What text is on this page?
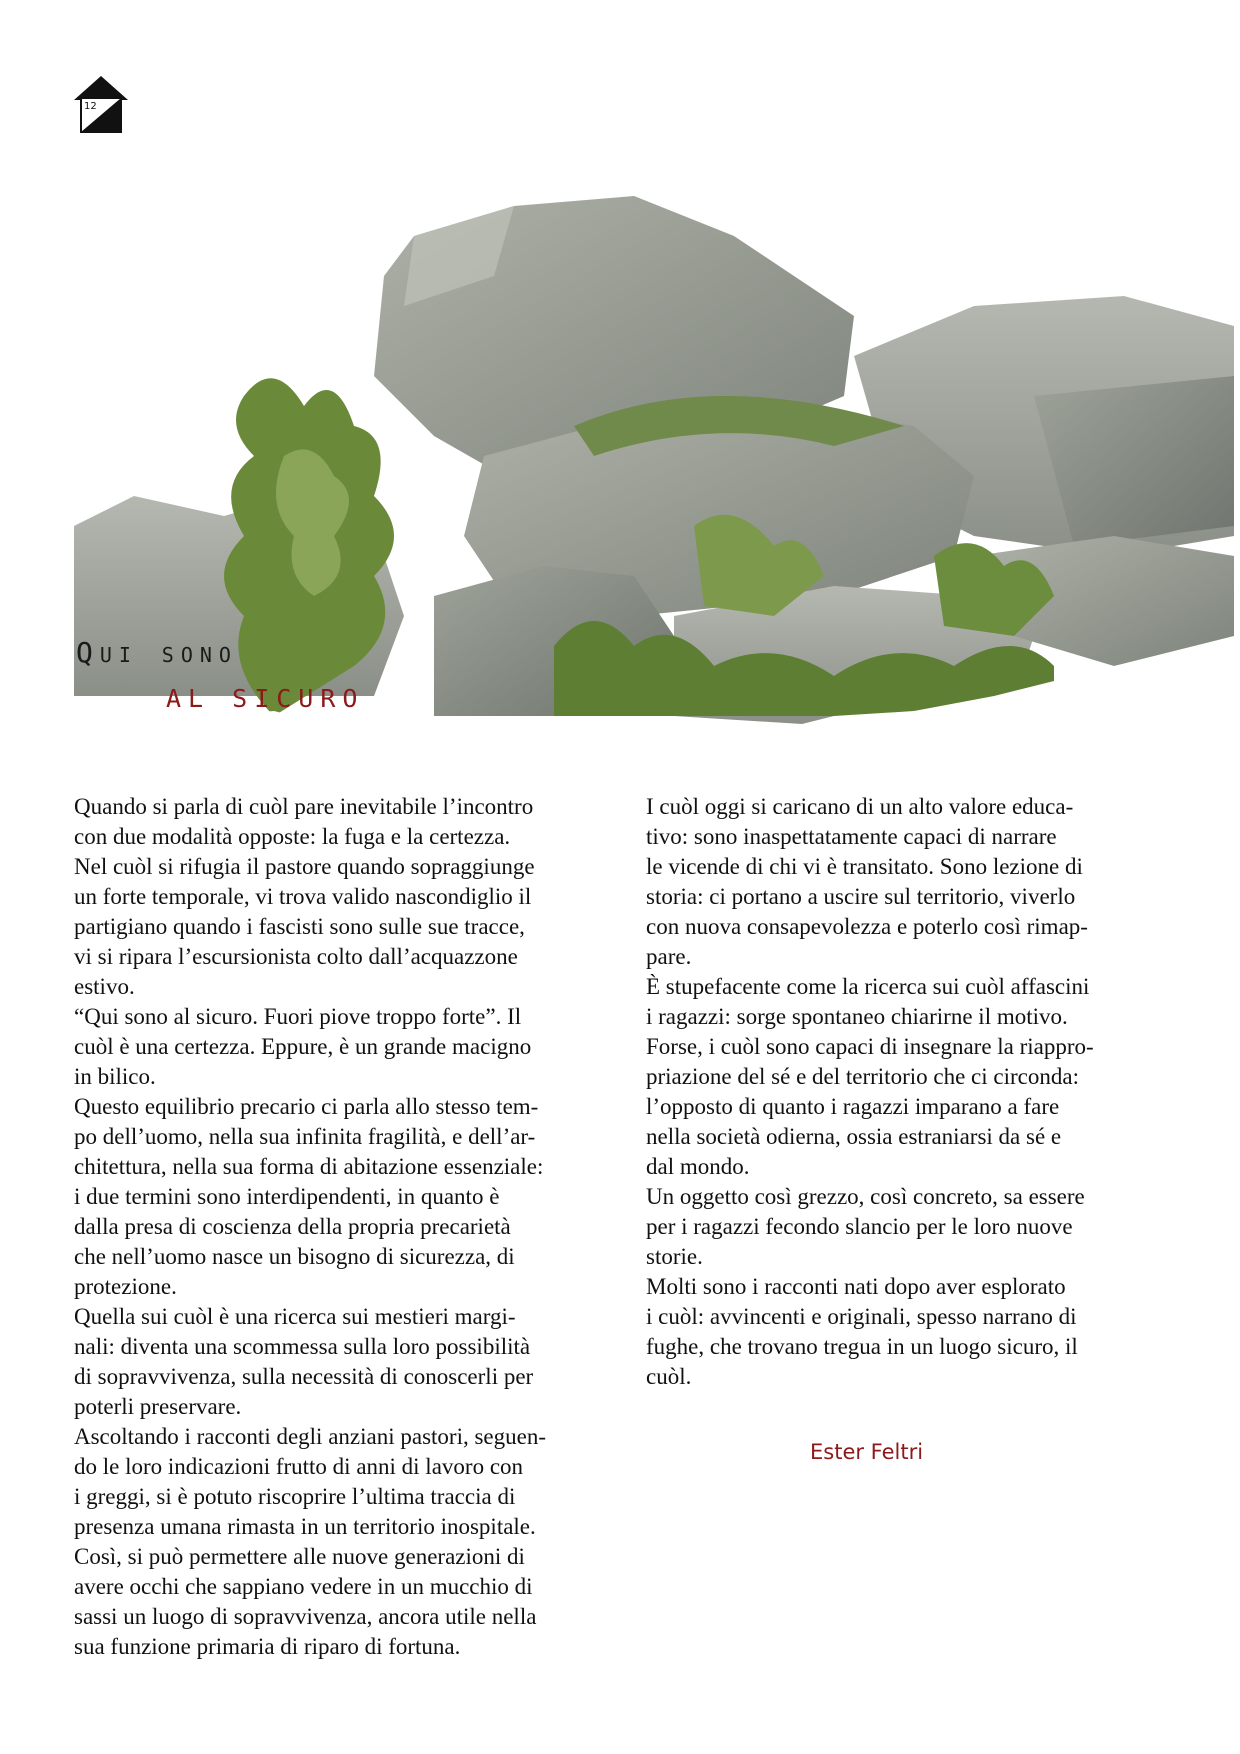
12
Qui sono
AL SICURO

Quando si parla di cuòl pare inevitabile l’incontro

con due modalità opposte: la fuga e la certezza.

Nel cuòl si rifugia il pastore quando sopraggiunge

un forte temporale, vi trova valido nascondiglio il

partigiano quando i fascisti sono sulle sue tracce,

vi si ripara l’escursionista colto dall’acquazzone

estivo.

“Qui sono al sicuro. Fuori piove troppo forte”. Il

cuòl è una certezza. Eppure, è un grande macigno

in bilico.

Questo equilibrio precario ci parla allo stesso tem-

po dell’uomo, nella sua infinita fragilità, e dell’ar-

chitettura, nella sua forma di abitazione essenziale:

i due termini sono interdipendenti, in quanto è

dalla presa di coscienza della propria precarietà

che nell’uomo nasce un bisogno di sicurezza, di

protezione.

Quella sui cuòl è una ricerca sui mestieri margi-

nali: diventa una scommessa sulla loro possibilità

di sopravvivenza, sulla necessità di conoscerli per

poterli preservare.

Ascoltando i racconti degli anziani pastori, seguen-

do le loro indicazioni frutto di anni di lavoro con

i greggi, si è potuto riscoprire l’ultima traccia di

presenza umana rimasta in un territorio inospitale.

Così, si può permettere alle nuove generazioni di

avere occhi che sappiano vedere in un mucchio di

sassi un luogo di sopravvivenza, ancora utile nella

sua funzione primaria di riparo di fortuna.

I cuòl oggi si caricano di un alto valore educa-

tivo: sono inaspettatamente capaci di narrare

le vicende di chi vi è transitato. Sono lezione di

storia: ci portano a uscire sul territorio, viverlo

con nuova consapevolezza e poterlo così rimap-

pare.

È stupefacente come la ricerca sui cuòl affascini

i ragazzi: sorge spontaneo chiarirne il motivo.

Forse, i cuòl sono capaci di insegnare la riappro-

priazione del sé e del territorio che ci circonda:

l’opposto di quanto i ragazzi imparano a fare

nella società odierna, ossia estraniarsi da sé e

dal mondo.

Un oggetto così grezzo, così concreto, sa essere

per i ragazzi fecondo slancio per le loro nuove

storie.

Molti sono i racconti nati dopo aver esplorato

i cuòl: avvincenti e originali, spesso narrano di

fughe, che trovano tregua in un luogo sicuro, il

cuòl.

Ester Feltri
